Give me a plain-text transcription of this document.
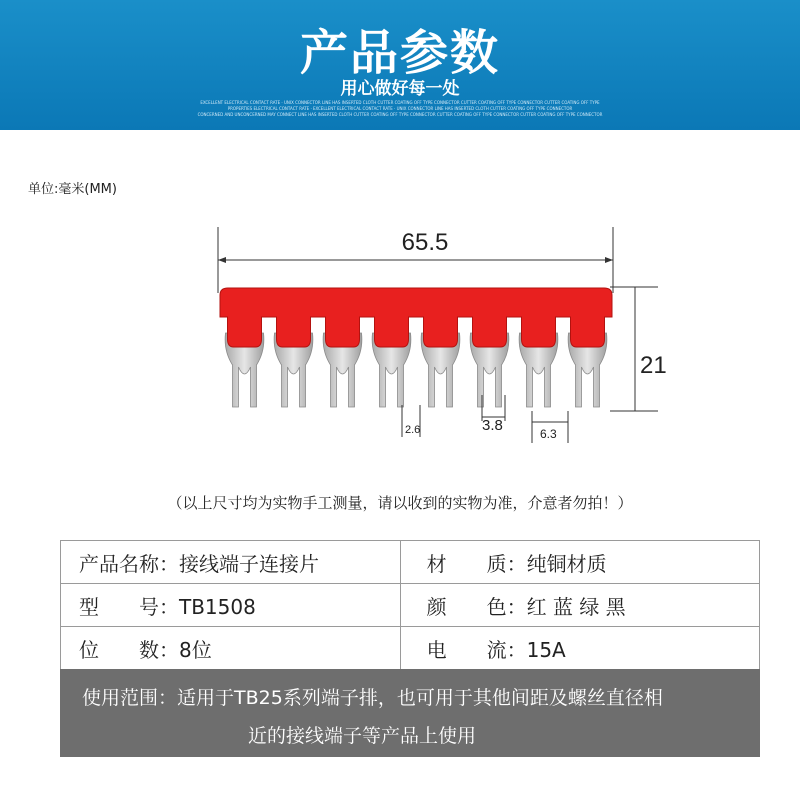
产品参数
用心做好每一处
EXCELLENT ELECTRICAL CONTACT RATE · UNIX CONNECTOR LINE HAS INSERTED CLOTH CUTTER COATING OFF TYPE CONNECTOR CUTTER COATING OFF TYPE CONNECTOR CUTTER COATING OFF TYPE
PROPERTIES ELECTRICAL CONTACT RATE · EXCELLENT ELECTRICAL CONTACT RATE · UNIX CONNECTOR LINE HAS INSERTED CLOTH CUTTER COATING OFF TYPE CONNECTOR
CONCERNED AND UNCONCERNED MAY CONNECT LINE HAS INSERTED CLOTH CUTTER COATING OFF TYPE CONNECTOR CUTTER COATING OFF TYPE CONNECTOR CUTTER COATING OFF TYPE CONNECTOR
单位:毫米(MM)
65.5
21
2.6	3.8	6.3
（以上尺寸均为实物手工测量，请以收到的实物为准，介意者勿拍！）
产品名称：接线端子连接片	材　　质：纯铜材质
型　　号：TB1508	颜　　色：红 蓝 绿 黑
位　　数：8位	电　　流：15A
使用范围：适用于TB25系列端子排，也可用于其他间距及螺丝直径相
近的接线端子等产品上使用
